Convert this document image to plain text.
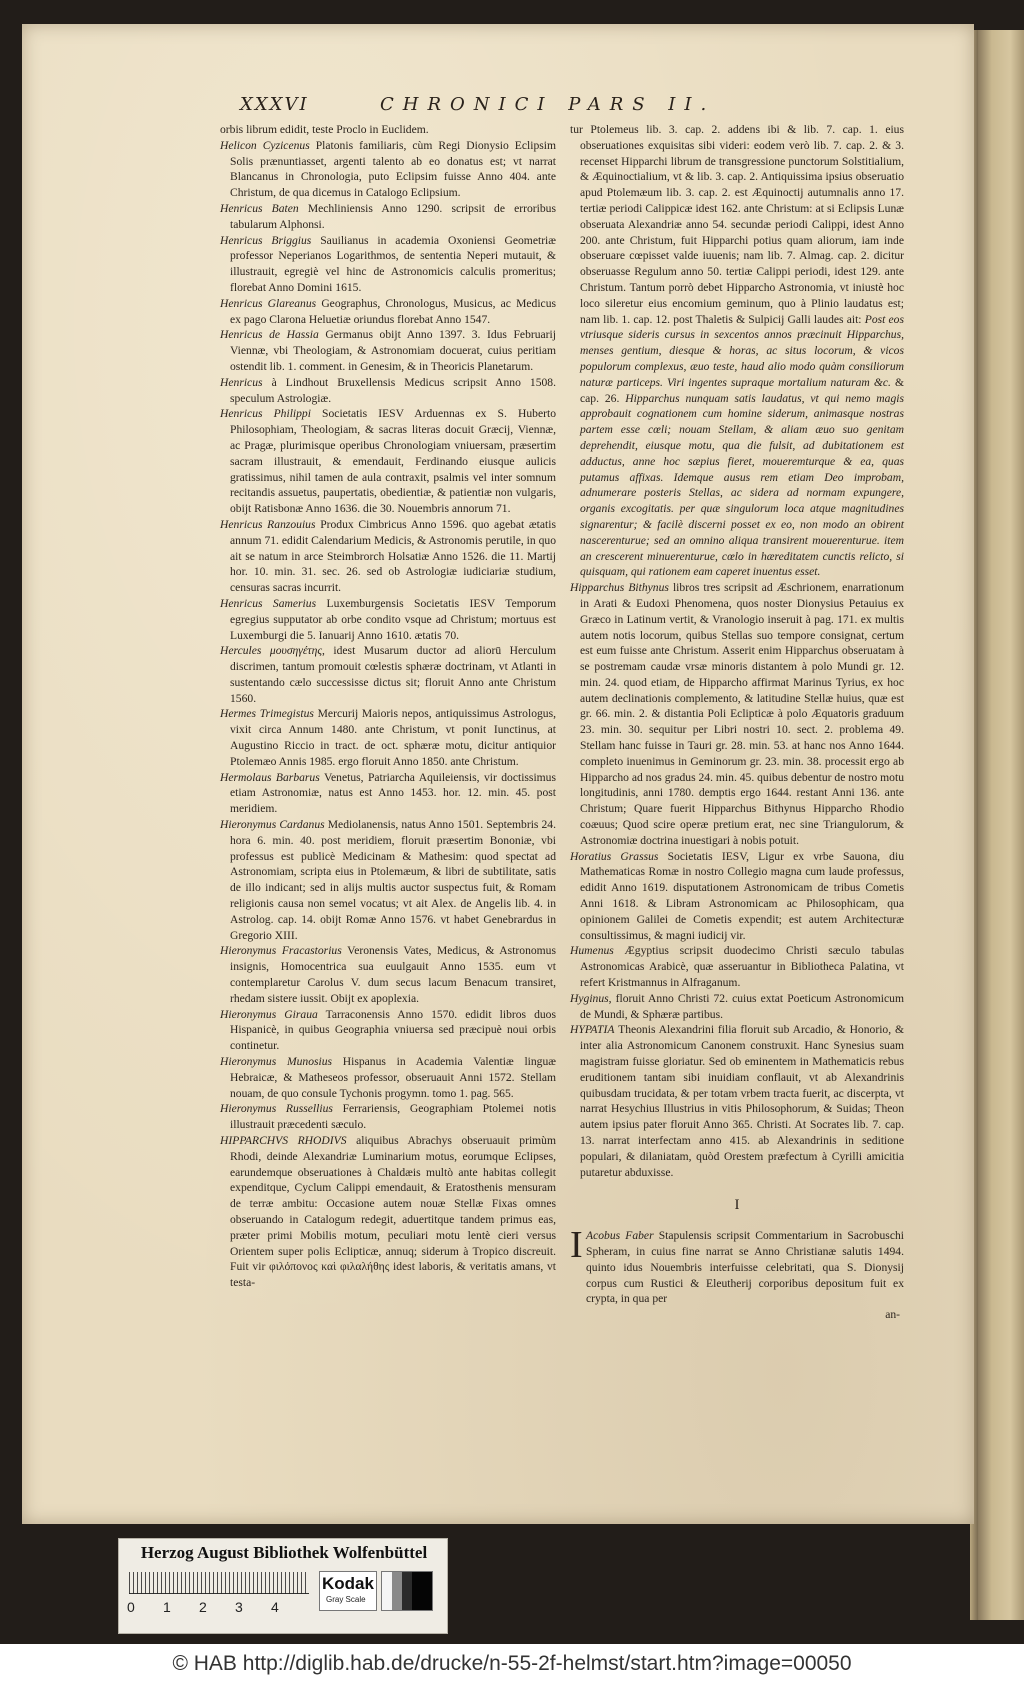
XXXVI	CHRONICI PARS II.

orbis librum edidit, teste Proclo in Euclidem.

Helicon Cyzicenus Platonis familiaris, cùm Regi Dionysio Eclipsim Solis prænuntiasset, argenti talento ab eo donatus est; vt narrat Blancanus in Chronologia, puto Eclipsim fuisse Anno 404. ante Christum, de qua dicemus in Catalogo Eclipsium.

Henricus Baten Mechliniensis Anno 1290. scripsit de erroribus tabularum Alphonsi.

Henricus Briggius Sauilianus in academia Oxoniensi Geometriæ professor Neperianos Logarithmos, de sententia Neperi mutauit, & illustrauit, egregiè vel hinc de Astronomicis calculis promeritus; florebat Anno Domini 1615.

Henricus Glareanus Geographus, Chronologus, Musicus, ac Medicus ex pago Clarona Heluetiæ oriundus florebat Anno 1547.

Henricus de Hassia Germanus obijt Anno 1397. 3. Idus Februarij Viennæ, vbi Theologiam, & Astronomiam docuerat, cuius peritiam ostendit lib. 1. comment. in Genesim, & in Theoricis Planetarum.

Henricus à Lindhout Bruxellensis Medicus scripsit Anno 1508. speculum Astrologiæ.

Henricus Philippi Societatis IESV Arduennas ex S. Huberto Philosophiam, Theologiam, & sacras literas docuit Græcij, Viennæ, ac Pragæ, plurimisque operibus Chronologiam vniuersam, præsertim sacram illustrauit, & emendauit, Ferdinando eiusque aulicis gratissimus, nihil tamen de aula contraxit, psalmis vel inter somnum recitandis assuetus, paupertatis, obedientiæ, & patientiæ non vulgaris, obijt Ratisbonæ Anno 1636. die 30. Nouembris annorum 71.

Henricus Ranzouius Produx Cimbricus Anno 1596. quo agebat ætatis annum 71. edidit Calendarium Medicis, & Astronomis perutile, in quo ait se natum in arce Steimbrorch Holsatiæ Anno 1526. die 11. Martij hor. 10. min. 31. sec. 26. sed ob Astrologiæ iudiciariæ studium, censuras sacras incurrit.

Henricus Samerius Luxemburgensis Societatis IESV Temporum egregius supputator ab orbe condito vsque ad Christum; mortuus est Luxemburgi die 5. Ianuarij Anno 1610. ætatis 70.

Hercules μουσηγέτης, idest Musarum ductor ad aliorū Herculum discrimen, tantum promouit cœlestis sphæræ doctrinam, vt Atlanti in sustentando cælo successisse dictus sit; floruit Anno ante Christum 1560.

Hermes Trimegistus Mercurij Maioris nepos, antiquissimus Astrologus, vixit circa Annum 1480. ante Christum, vt ponit Iunctinus, at Augustino Riccio in tract. de oct. sphæræ motu, dicitur antiquior Ptolemæo Annis 1985. ergo floruit Anno 1850. ante Christum.

Hermolaus Barbarus Venetus, Patriarcha Aquileiensis, vir doctissimus etiam Astronomiæ, natus est Anno 1453. hor. 12. min. 45. post meridiem.

Hieronymus Cardanus Mediolanensis, natus Anno 1501. Septembris 24. hora 6. min. 40. post meridiem, floruit præsertim Bononiæ, vbi professus est publicè Medicinam & Mathesim: quod spectat ad Astronomiam, scripta eius in Ptolemæum, & libri de subtilitate, satis de illo indicant; sed in alijs multis auctor suspectus fuit, & Romam religionis causa non semel vocatus; vt ait Alex. de Angelis lib. 4. in Astrolog. cap. 14. obijt Romæ Anno 1576. vt habet Genebrardus in Gregorio XIII.

Hieronymus Fracastorius Veronensis Vates, Medicus, & Astronomus insignis, Homocentrica sua euulgauit Anno 1535. eum vt contemplaretur Carolus V. dum secus lacum Benacum transiret, rhedam sistere iussit. Obijt ex apoplexia.

Hieronymus Giraua Tarraconensis Anno 1570. edidit libros duos Hispanicè, in quibus Geographia vniuersa sed præcipuè noui orbis continetur.

Hieronymus Munosius Hispanus in Academia Valentiæ linguæ Hebraicæ, & Matheseos professor, obseruauit Anni 1572. Stellam nouam, de quo consule Tychonis progymn. tomo 1. pag. 565.

Hieronymus Russellius Ferrariensis, Geographiam Ptolemei notis illustrauit præcedenti sæculo.

HIPPARCHVS RHODIVS aliquibus Abrachys obseruauit primùm Rhodi, deinde Alexandriæ Luminarium motus, eorumque Eclipses, earundemque obseruationes à Chaldæis multò ante habitas collegit expenditque, Cyclum Calippi emendauit, & Eratosthenis mensuram de terræ ambitu: Occasione autem nouæ Stellæ Fixas omnes obseruando in Catalogum redegit, aduertitque tandem primus eas, præter primi Mobilis motum, peculiari motu lentè cieri versus Orientem super polis Eclipticæ, annuq; siderum à Tropico discreuit. Fuit vir φιλόπονος καὶ φιλαλήθης idest laboris, & veritatis amans, vt testa-

tur Ptolemeus lib. 3. cap. 2. addens ibi & lib. 7. cap. 1. eius obseruationes exquisitas sibi videri: eodem verò lib. 7. cap. 2. & 3. recenset Hipparchi librum de transgressione punctorum Solstitialium, & Æquinoctialium, vt & lib. 3. cap. 2. Antiquissima ipsius obseruatio apud Ptolemæum lib. 3. cap. 2. est Æquinoctij autumnalis anno 17. tertiæ periodi Calippicæ idest 162. ante Christum: at si Eclipsis Lunæ obseruata Alexandriæ anno 54. secundæ periodi Calippi, idest Anno 200. ante Christum, fuit Hipparchi potius quam aliorum, iam inde obseruare cœpisset valde iuuenis; nam lib. 7. Almag. cap. 2. dicitur obseruasse Regulum anno 50. tertiæ Calippi periodi, idest 129. ante Christum. Tantum porrò debet Hipparcho Astronomia, vt iniustè hoc loco sileretur eius encomium geminum, quo à Plinio laudatus est; nam lib. 1. cap. 12. post Thaletis & Sulpicij Galli laudes ait: Post eos vtriusque sideris cursus in sexcentos annos præcinuit Hipparchus, menses gentium, diesque & horas, ac situs locorum, & vicos populorum complexus, æuo teste, haud alio modo quàm consiliorum naturæ particeps. Viri ingentes supraque mortalium naturam &c. & cap. 26. Hipparchus nunquam satis laudatus, vt qui nemo magis approbauit cognationem cum homine siderum, animasque nostras partem esse cœli; nouam Stellam, & aliam æuo suo genitam deprehendit, eiusque motu, qua die fulsit, ad dubitationem est adductus, anne hoc sæpius fieret, moueremturque & ea, quas putamus affixas. Idemque ausus rem etiam Deo improbam, adnumerare posteris Stellas, ac sidera ad normam expungere, organis excogitatis. per quæ singulorum loca atque magnitudines signarentur; & facilè discerni posset ex eo, non modo an obirent nascerenturue; sed an omnino aliqua transirent mouerenturue. item an crescerent minuerenturue, cœlo in hæreditatem cunctis relicto, si quisquam, qui rationem eam caperet inuentus esset.

Hipparchus Bithynus libros tres scripsit ad Æschrionem, enarrationum in Arati & Eudoxi Phenomena, quos noster Dionysius Petauius ex Græco in Latinum vertit, & Vranologio inseruit à pag. 171. ex multis autem notis locorum, quibus Stellas suo tempore consignat, certum est eum fuisse ante Christum. Asserit enim Hipparchus obseruatam à se postremam caudæ vrsæ minoris distantem à polo Mundi gr. 12. min. 24. quod etiam, de Hipparcho affirmat Marinus Tyrius, ex hoc autem declinationis complemento, & latitudine Stellæ huius, quæ est gr. 66. min. 2. & distantia Poli Eclipticæ à polo Æquatoris graduum 23. min. 30. sequitur per Libri nostri 10. sect. 2. problema 49. Stellam hanc fuisse in Tauri gr. 28. min. 53. at hanc nos Anno 1644. completo inuenimus in Geminorum gr. 23. min. 38. processit ergo ab Hipparcho ad nos gradus 24. min. 45. quibus debentur de nostro motu longitudinis, anni 1780. demptis ergo 1644. restant Anni 136. ante Christum; Quare fuerit Hipparchus Bithynus Hipparcho Rhodio coæuus; Quod scire operæ pretium erat, nec sine Triangulorum, & Astronomiæ doctrina inuestigari à nobis potuit.

Horatius Grassus Societatis IESV, Ligur ex vrbe Sauona, diu Mathematicas Romæ in nostro Collegio magna cum laude professus, edidit Anno 1619. disputationem Astronomicam de tribus Cometis Anni 1618. & Libram Astronomicam ac Philosophicam, qua opinionem Galilei de Cometis expendit; est autem Architecturæ consultissimus, & magni iudicij vir.

Humenus Ægyptius scripsit duodecimo Christi sæculo tabulas Astronomicas Arabicè, quæ asseruantur in Bibliotheca Palatina, vt refert Kristmannus in Alfraganum.

Hyginus, floruit Anno Christi 72. cuius extat Poeticum Astronomicum de Mundi, & Sphæræ partibus.

HYPATIA Theonis Alexandrini filia floruit sub Arcadio, & Honorio, & inter alia Astronomicum Canonem construxit. Hanc Synesius suam magistram fuisse gloriatur. Sed ob eminentem in Mathematicis rebus eruditionem tantam sibi inuidiam conflauit, vt ab Alexandrinis quibusdam trucidata, & per totam vrbem tracta fuerit, ac discerpta, vt narrat Hesychius Illustrius in vitis Philosophorum, & Suidas; Theon autem ipsius pater floruit Anno 365. Christi. At Socrates lib. 7. cap. 13. narrat interfectam anno 415. ab Alexandrinis in seditione populari, & dilaniatam, quòd Orestem præfectum à Cyrilli amicitia putaretur abduxisse.

I

I Acobus Faber Stapulensis scripsit Commentarium in Sacrobuschi Spheram, in cuius fine narrat se Anno Christianæ salutis 1494. quinto idus Nouembris interfuisse celebritati, qua S. Dionysij corpus cum Rustici & Eleutherij corporibus depositum fuit ex crypta, in qua per

an-

Herzog August Bibliothek Wolfenbüttel
0 1 2 3 4
Kodak
Gray Scale
© HAB http://diglib.hab.de/drucke/n-55-2f-helmst/start.htm?image=00050
